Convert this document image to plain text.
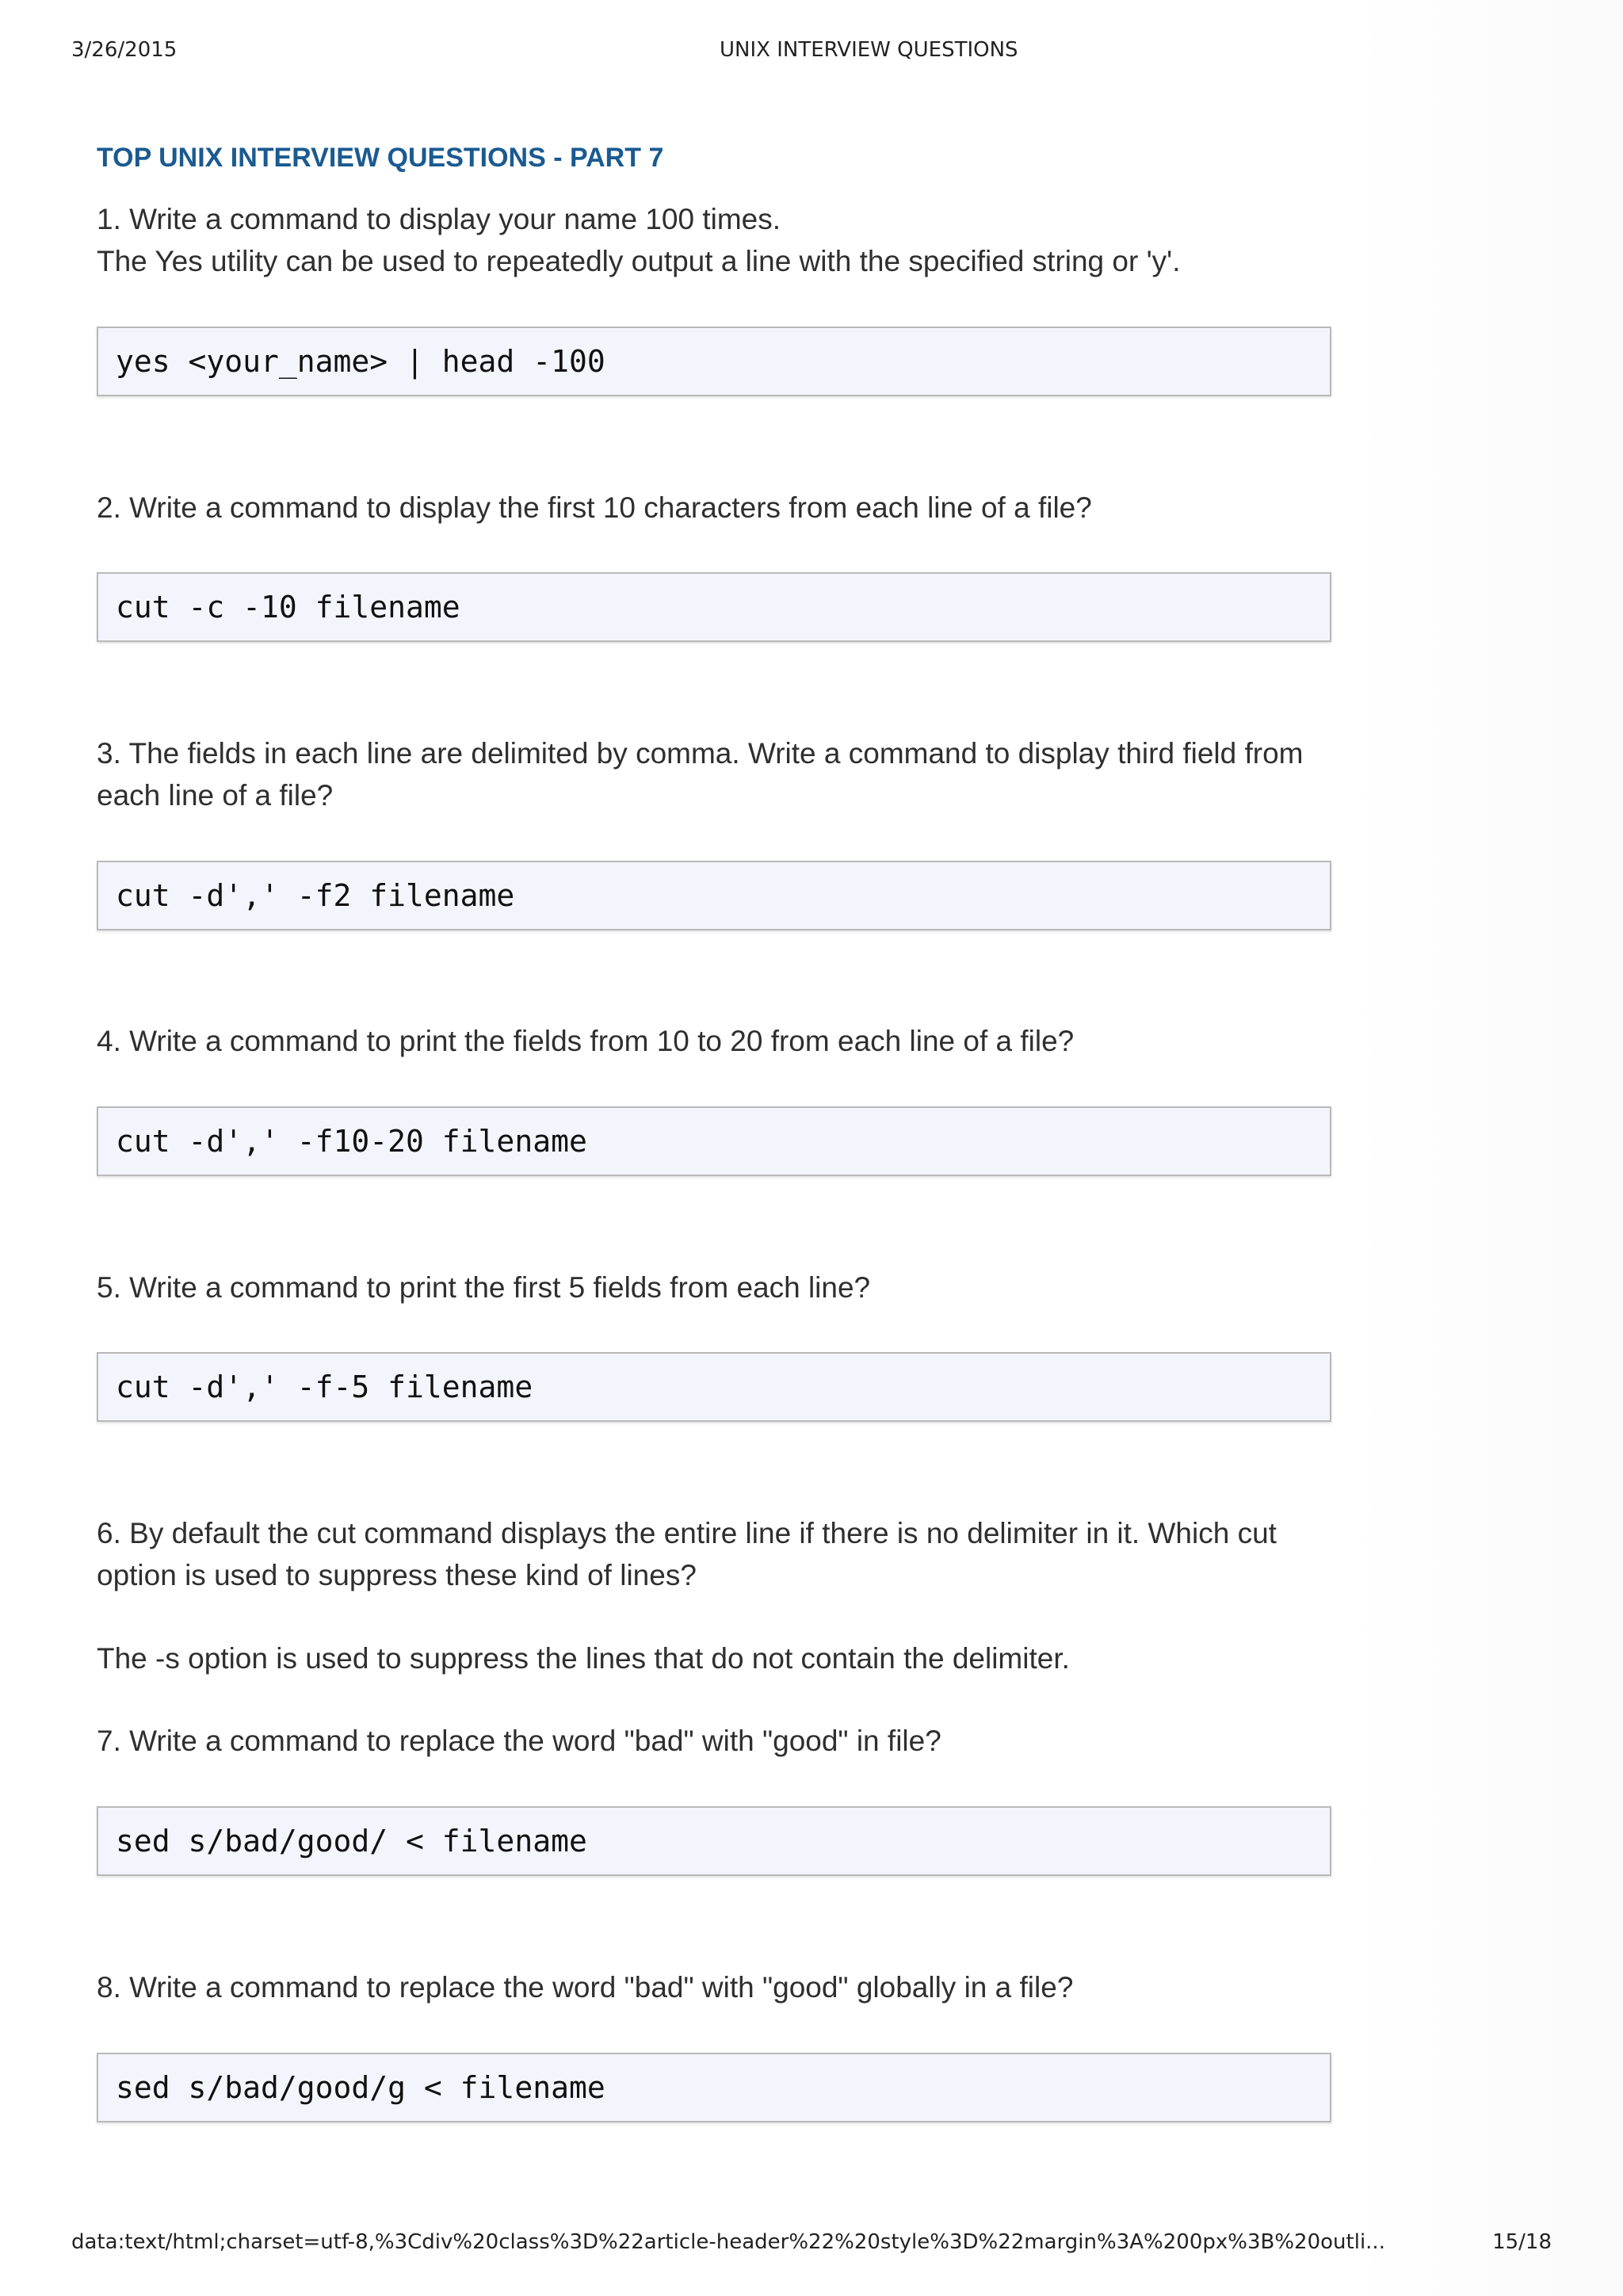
3/26/2015	UNIX INTERVIEW QUESTIONS
TOP UNIX INTERVIEW QUESTIONS - PART 7
1. Write a command to display your name 100 times.
The Yes utility can be used to repeatedly output a line with the specified string or 'y'.
yes <your_name> | head -100
2. Write a command to display the first 10 characters from each line of a file?
cut -c -10 filename
3. The fields in each line are delimited by comma. Write a command to display third field from each line of a file?
cut -d',' -f2 filename
4. Write a command to print the fields from 10 to 20 from each line of a file?
cut -d',' -f10-20 filename
5. Write a command to print the first 5 fields from each line?
cut -d',' -f-5 filename
6. By default the cut command displays the entire line if there is no delimiter in it. Which cut option is used to suppress these kind of lines?
The -s option is used to suppress the lines that do not contain the delimiter.
7. Write a command to replace the word "bad" with "good" in file?
sed s/bad/good/ < filename
8. Write a command to replace the word "bad" with "good" globally in a file?
sed s/bad/good/g < filename
data:text/html;charset=utf-8,%3Cdiv%20class%3D%22article-header%22%20style%3D%22margin%3A%200px%3B%20outli...	15/18
